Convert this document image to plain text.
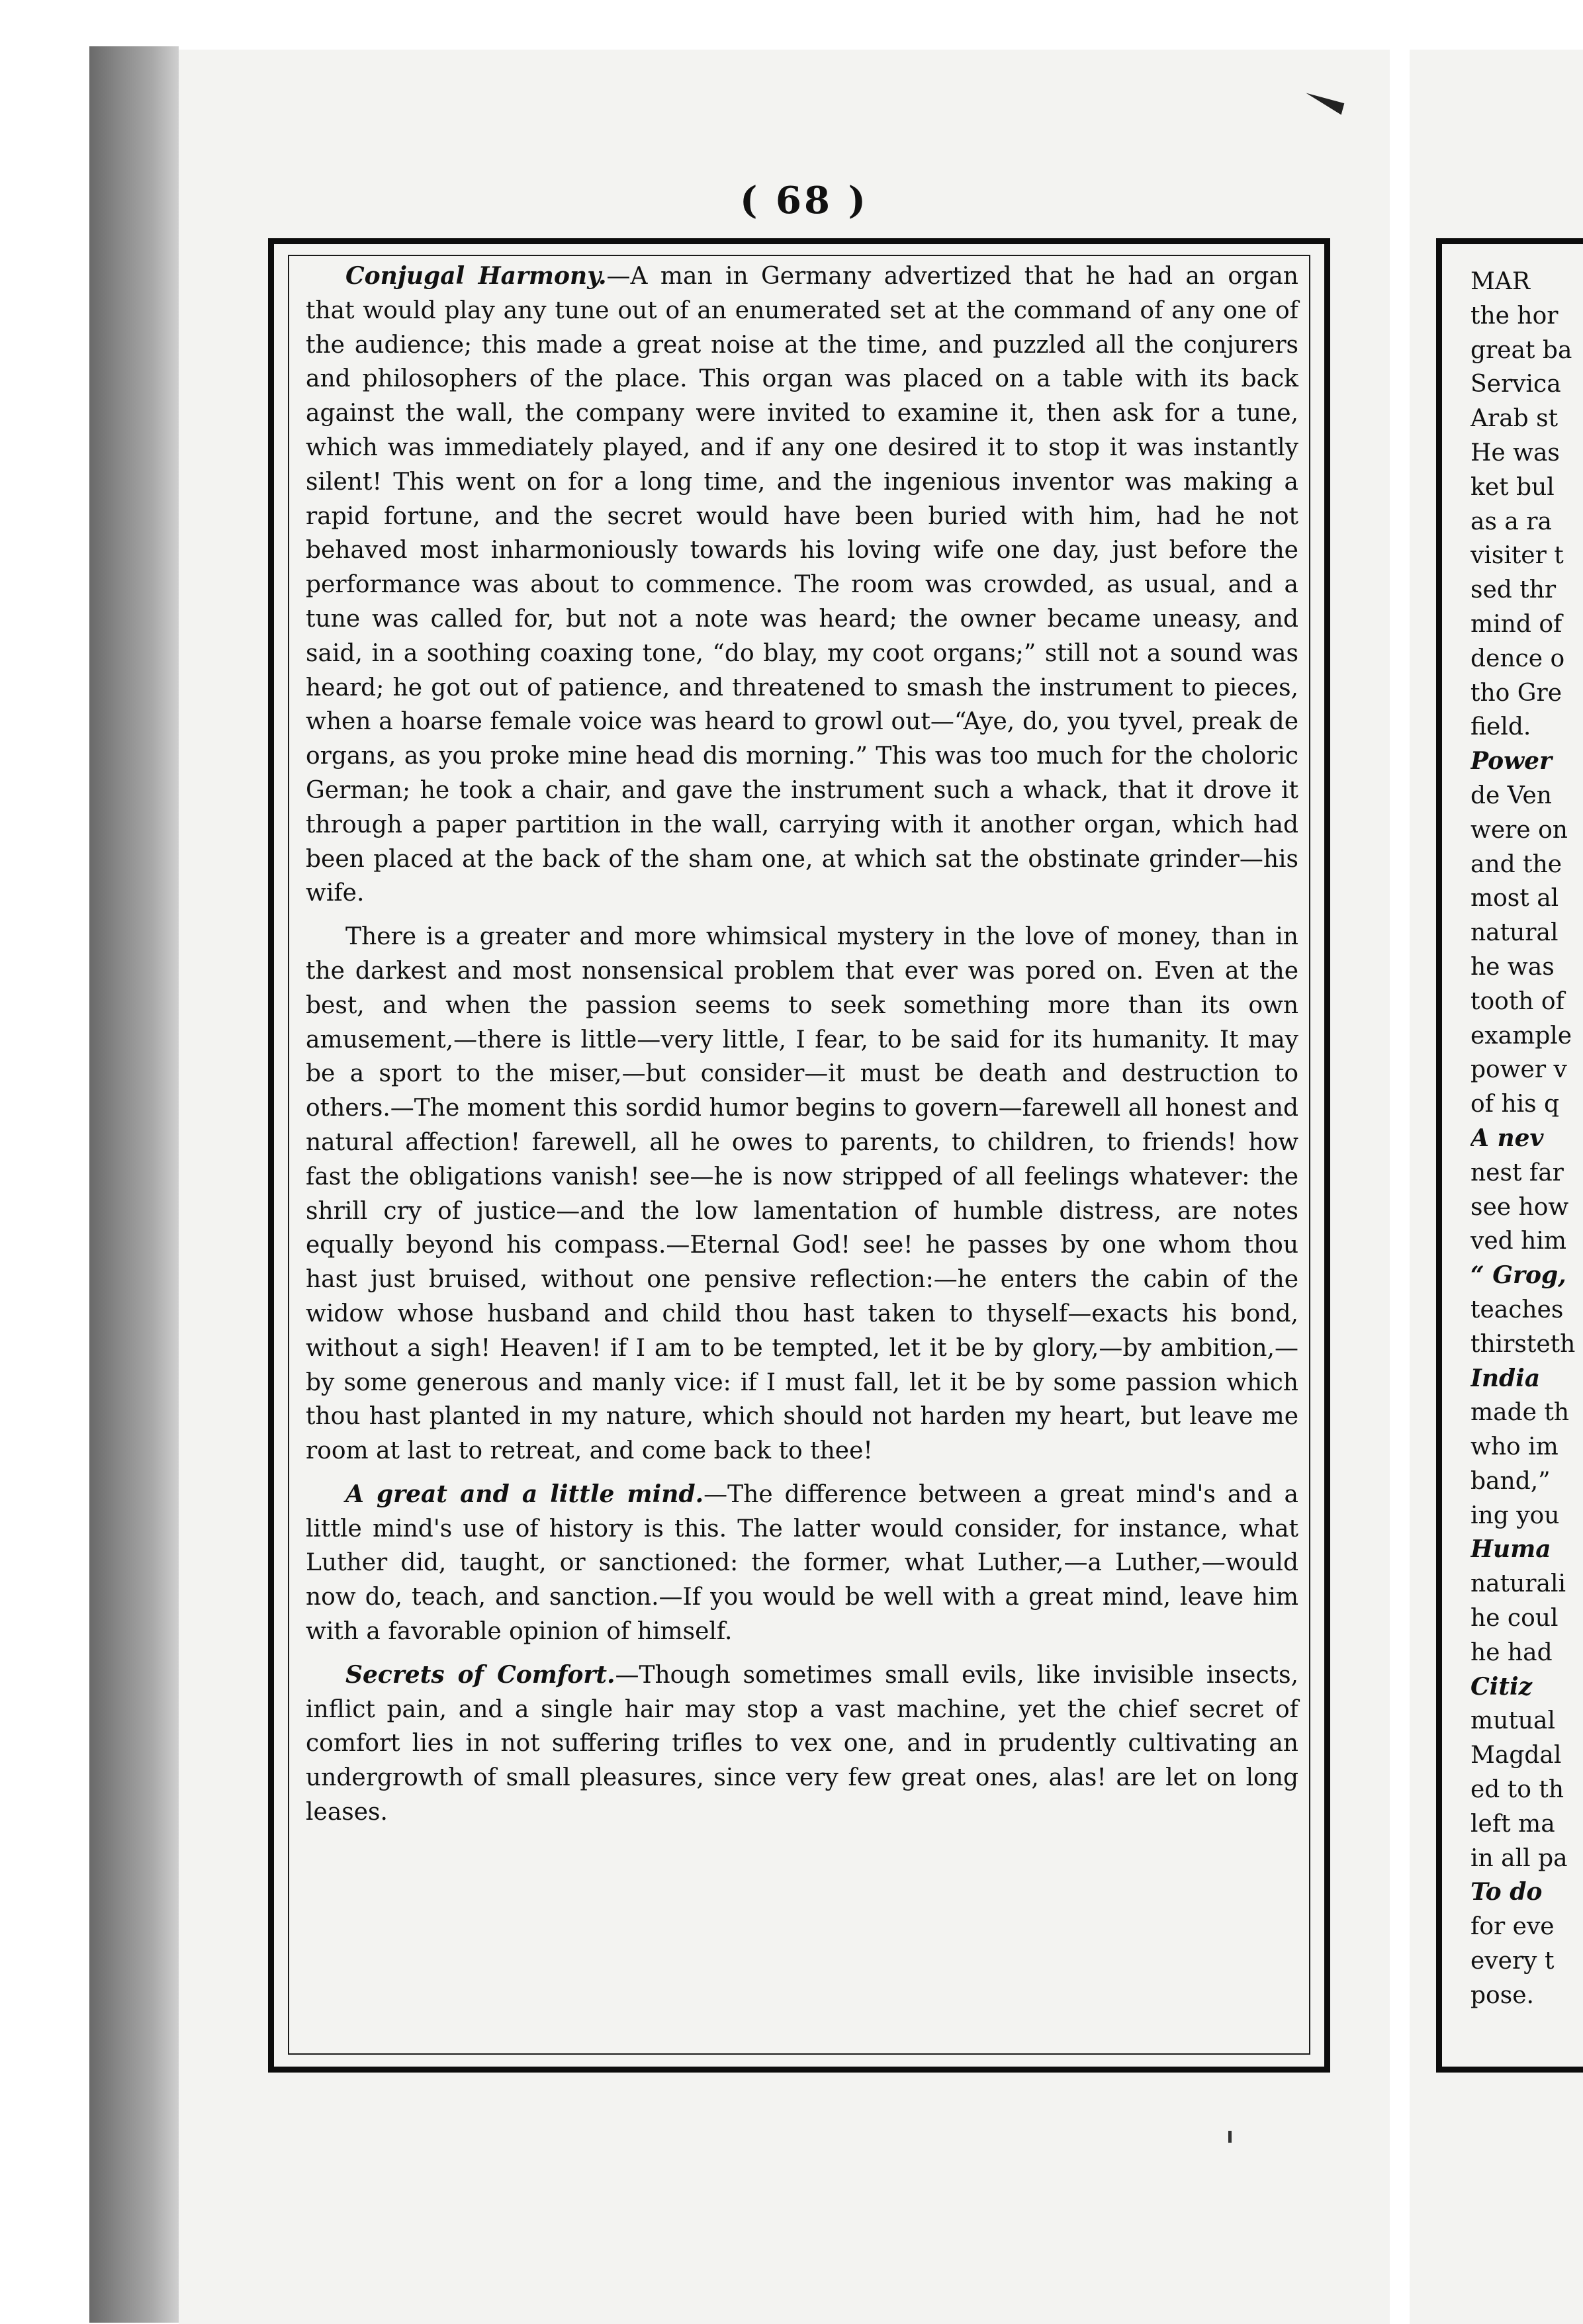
( 68 )

Conjugal Harmony.—A man in Germany advertized that he had an organ that would play any tune out of an enumerated set at the command of any one of the audience; this made a great noise at the time, and puzzled all the conjurers and philosophers of the place. This organ was placed on a table with its back against the wall, the company were invited to examine it, then ask for a tune, which was immediately played, and if any one desired it to stop it was instantly silent! This went on for a long time, and the ingenious inventor was making a rapid fortune, and the secret would have been buried with him, had he not behaved most inharmoniously towards his loving wife one day, just before the performance was about to commence. The room was crowded, as usual, and a tune was called for, but not a note was heard; the owner became uneasy, and said, in a soothing coaxing tone, “do blay, my coot organs;” still not a sound was heard; he got out of patience, and threatened to smash the instrument to pieces, when a hoarse female voice was heard to growl out—“Aye, do, you tyvel, preak de organs, as you proke mine head dis morning.” This was too much for the choloric German; he took a chair, and gave the instrument such a whack, that it drove it through a paper partition in the wall, carrying with it another organ, which had been placed at the back of the sham one, at which sat the obstinate grinder—his wife.

There is a greater and more whimsical mystery in the love of money, than in the darkest and most nonsensical problem that ever was pored on. Even at the best, and when the passion seems to seek something more than its own amusement,—there is little—very little, I fear, to be said for its humanity. It may be a sport to the miser,—but consider—it must be death and destruction to others.—The moment this sordid humor begins to govern—farewell all honest and natural affection! farewell, all he owes to parents, to children, to friends! how fast the obligations vanish! see—he is now stripped of all feelings whatever: the shrill cry of justice—and the low lamentation of humble distress, are notes equally beyond his compass.—Eternal God! see! he passes by one whom thou hast just bruised, without one pensive reflection:—he enters the cabin of the widow whose husband and child thou hast taken to thyself—exacts his bond, without a sigh! Heaven! if I am to be tempted, let it be by glory,—by ambition,—by some generous and manly vice: if I must fall, let it be by some passion which thou hast planted in my nature, which should not harden my heart, but leave me room at last to retreat, and come back to thee!

A great and a little mind.—The difference between a great mind's and a little mind's use of history is this. The latter would consider, for instance, what Luther did, taught, or sanctioned: the former, what Luther,—a Luther,—would now do, teach, and sanction.—If you would be well with a great mind, leave him with a favorable opinion of himself.

Secrets of Comfort.—Though sometimes small evils, like invisible insects, inflict pain, and a single hair may stop a vast machine, yet the chief secret of comfort lies in not suffering trifles to vex one, and in prudently cultivating an undergrowth of small pleasures, since very few great ones, alas! are let on long leases.

MAR
the hor
great ba
Servica
Arab st
He was
ket bul
as a ra
visiter t
sed thr
mind of
dence o
tho Gre
field.
Power
de Ven
were on
and the
most al
natural
he was
tooth of
example
power v
of his q
A nev
nest far
see how
ved him
“ Grog,
teaches
thirsteth
India
made th
who im
band,”
ing you
Huma
naturali
he coul
he had
Citiz
mutual
Magdal
ed to th
left ma
in all pa
To do
for eve
every t
pose.
